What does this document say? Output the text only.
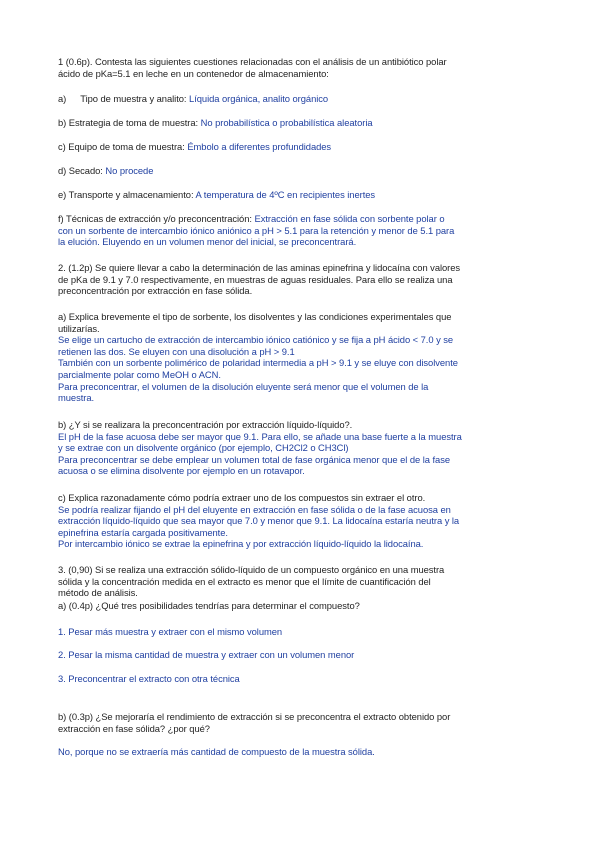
1 (0.6p). Contesta las siguientes cuestiones relacionadas con el análisis de un antibiótico polar
ácido de pKa=5.1 en leche en un contenedor de almacenamiento:
a) Tipo de muestra y analito: Líquida orgánica, analito orgánico
b) Estrategia de toma de muestra: No probabilística o probabilística aleatoria
c) Equipo de toma de muestra: Émbolo a diferentes profundidades
d) Secado: No procede
e) Transporte y almacenamiento: A temperatura de 4ºC en recipientes inertes
f) Técnicas de extracción y/o preconcentración: Extracción en fase sólida con sorbente polar o
con un sorbente de intercambio iónico aniónico a pH > 5.1 para la retención y menor de 5.1 para
la elución. Eluyendo en un volumen menor del inicial, se preconcentrará.
2. (1.2p) Se quiere llevar a cabo la determinación de las aminas epinefrina y lidocaína con valores
de pKa de 9.1 y 7.0 respectivamente, en muestras de aguas residuales. Para ello se realiza una
preconcentración por extracción en fase sólida.
a) Explica brevemente el tipo de sorbente, los disolventes y las condiciones experimentales que
utilizarías.
Se elige un cartucho de extracción de intercambio iónico catiónico y se fija a pH ácido < 7.0 y se
retienen las dos. Se eluyen con una disolución a pH > 9.1
También con un sorbente polimérico de polaridad intermedia a pH > 9.1 y se eluye con disolvente
parcialmente polar como MeOH o ACN.
Para preconcentrar, el volumen de la disolución eluyente será menor que el volumen de la
muestra.
b) ¿Y si se realizara la preconcentración por extracción líquido-líquido?.
El pH de la fase acuosa debe ser mayor que 9.1. Para ello, se añade una base fuerte a la muestra
y se extrae con un disolvente orgánico (por ejemplo, CH2Cl2 o CH3Cl)
Para preconcentrar se debe emplear un volumen total de fase orgánica menor que el de la fase
acuosa o se elimina disolvente por ejemplo en un rotavapor.
c) Explica razonadamente cómo podría extraer uno de los compuestos sin extraer el otro.
Se podría realizar fijando el pH del eluyente en extracción en fase sólida o de la fase acuosa en
extracción líquido-líquido que sea mayor que 7.0 y menor que 9.1. La lidocaína estaría neutra y la
epinefrina estaría cargada positivamente.
Por intercambio iónico se extrae la epinefrina y por extracción líquido-líquido la lidocaína.
3. (0,90) Si se realiza una extracción sólido-líquido de un compuesto orgánico en una muestra
sólida y la concentración medida en el extracto es menor que el límite de cuantificación del
método de análisis.
a) (0.4p) ¿Qué tres posibilidades tendrías para determinar el compuesto?
1. Pesar más muestra y extraer con el mismo volumen
2. Pesar la misma cantidad de muestra y extraer con un volumen menor
3. Preconcentrar el extracto con otra técnica
b) (0.3p) ¿Se mejoraría el rendimiento de extracción si se preconcentra el extracto obtenido por
extracción en fase sólida? ¿por qué?
No, porque no se extraería más cantidad de compuesto de la muestra sólida.
